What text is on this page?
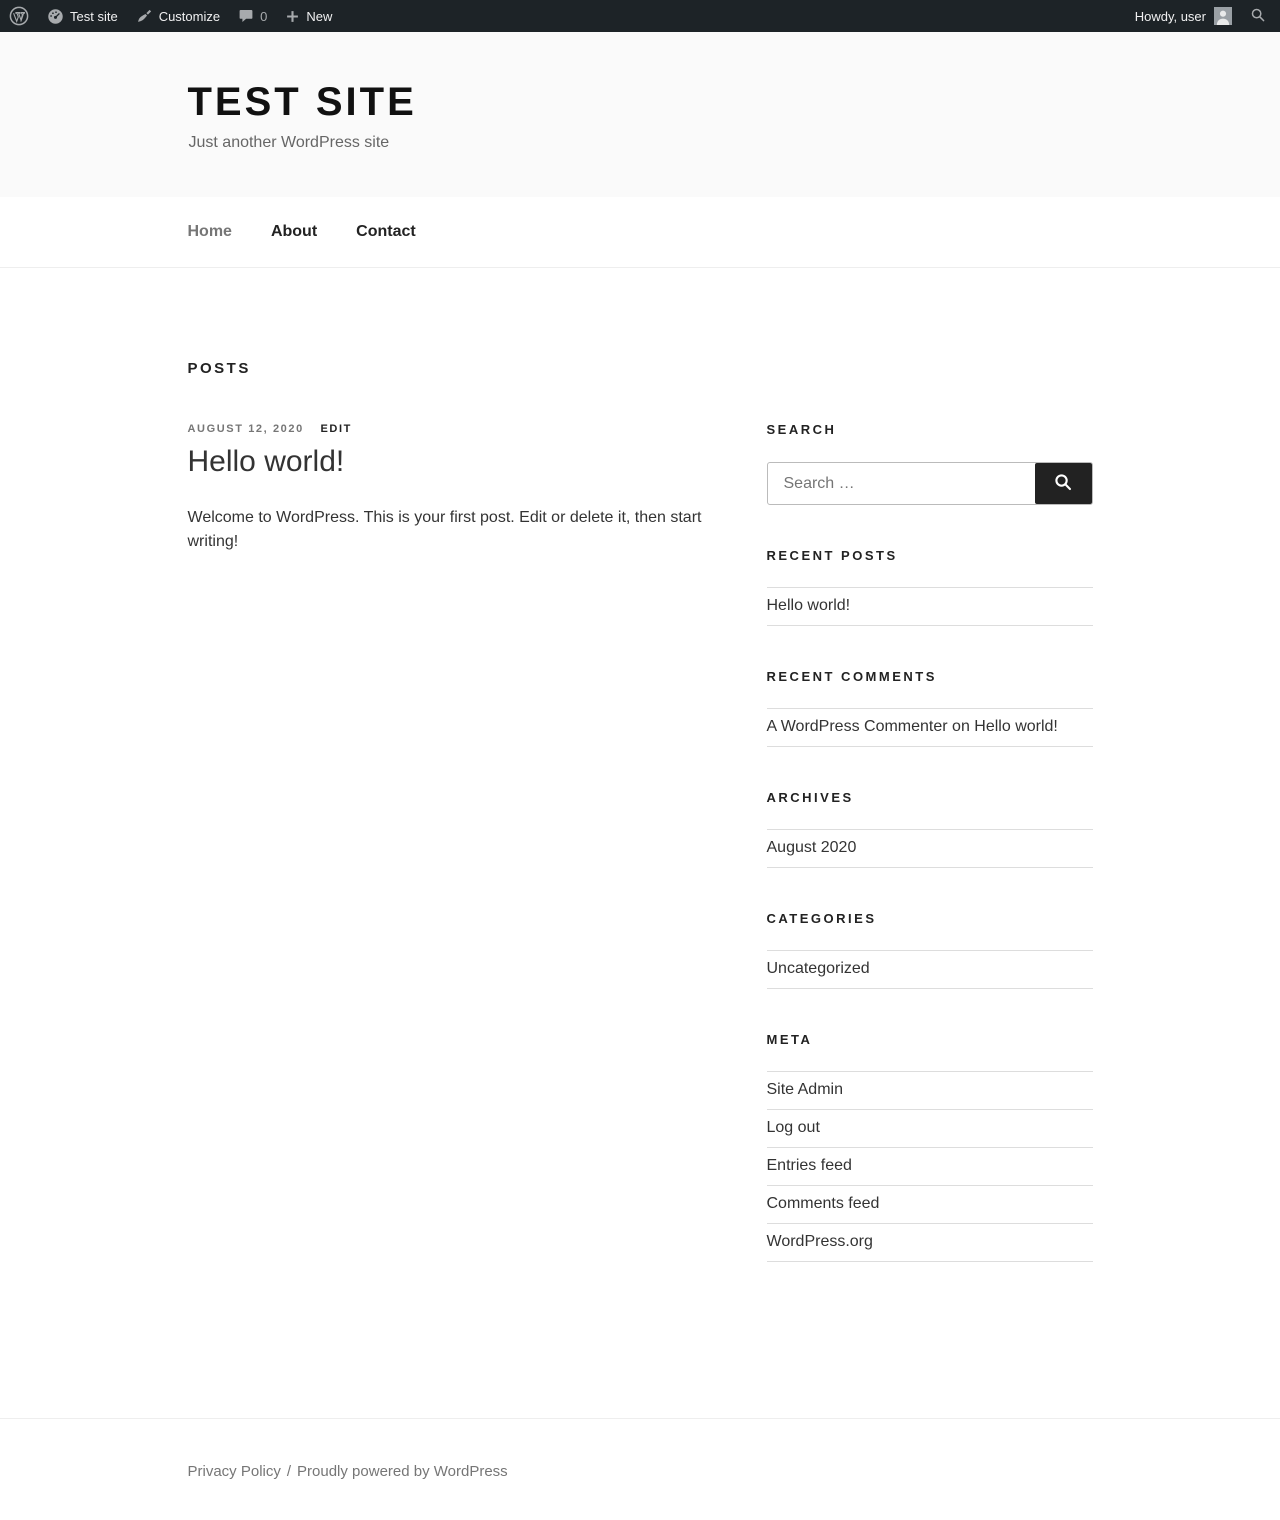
Test site	Customize	0	New	Howdy, user
TEST SITE

Just another WordPress site

Home About Contact
POSTS
AUGUST 12, 2020 EDIT
Hello world!

Welcome to WordPress. This is your first post. Edit or delete it, then start writing!

SEARCH
Search …
RECENT POSTS
Hello world!
RECENT COMMENTS
A WordPress Commenter on Hello world!
ARCHIVES
August 2020
CATEGORIES
Uncategorized
META
Site Admin
Log out
Entries feed
Comments feed
WordPress.org
Privacy Policy / Proudly powered by WordPress
